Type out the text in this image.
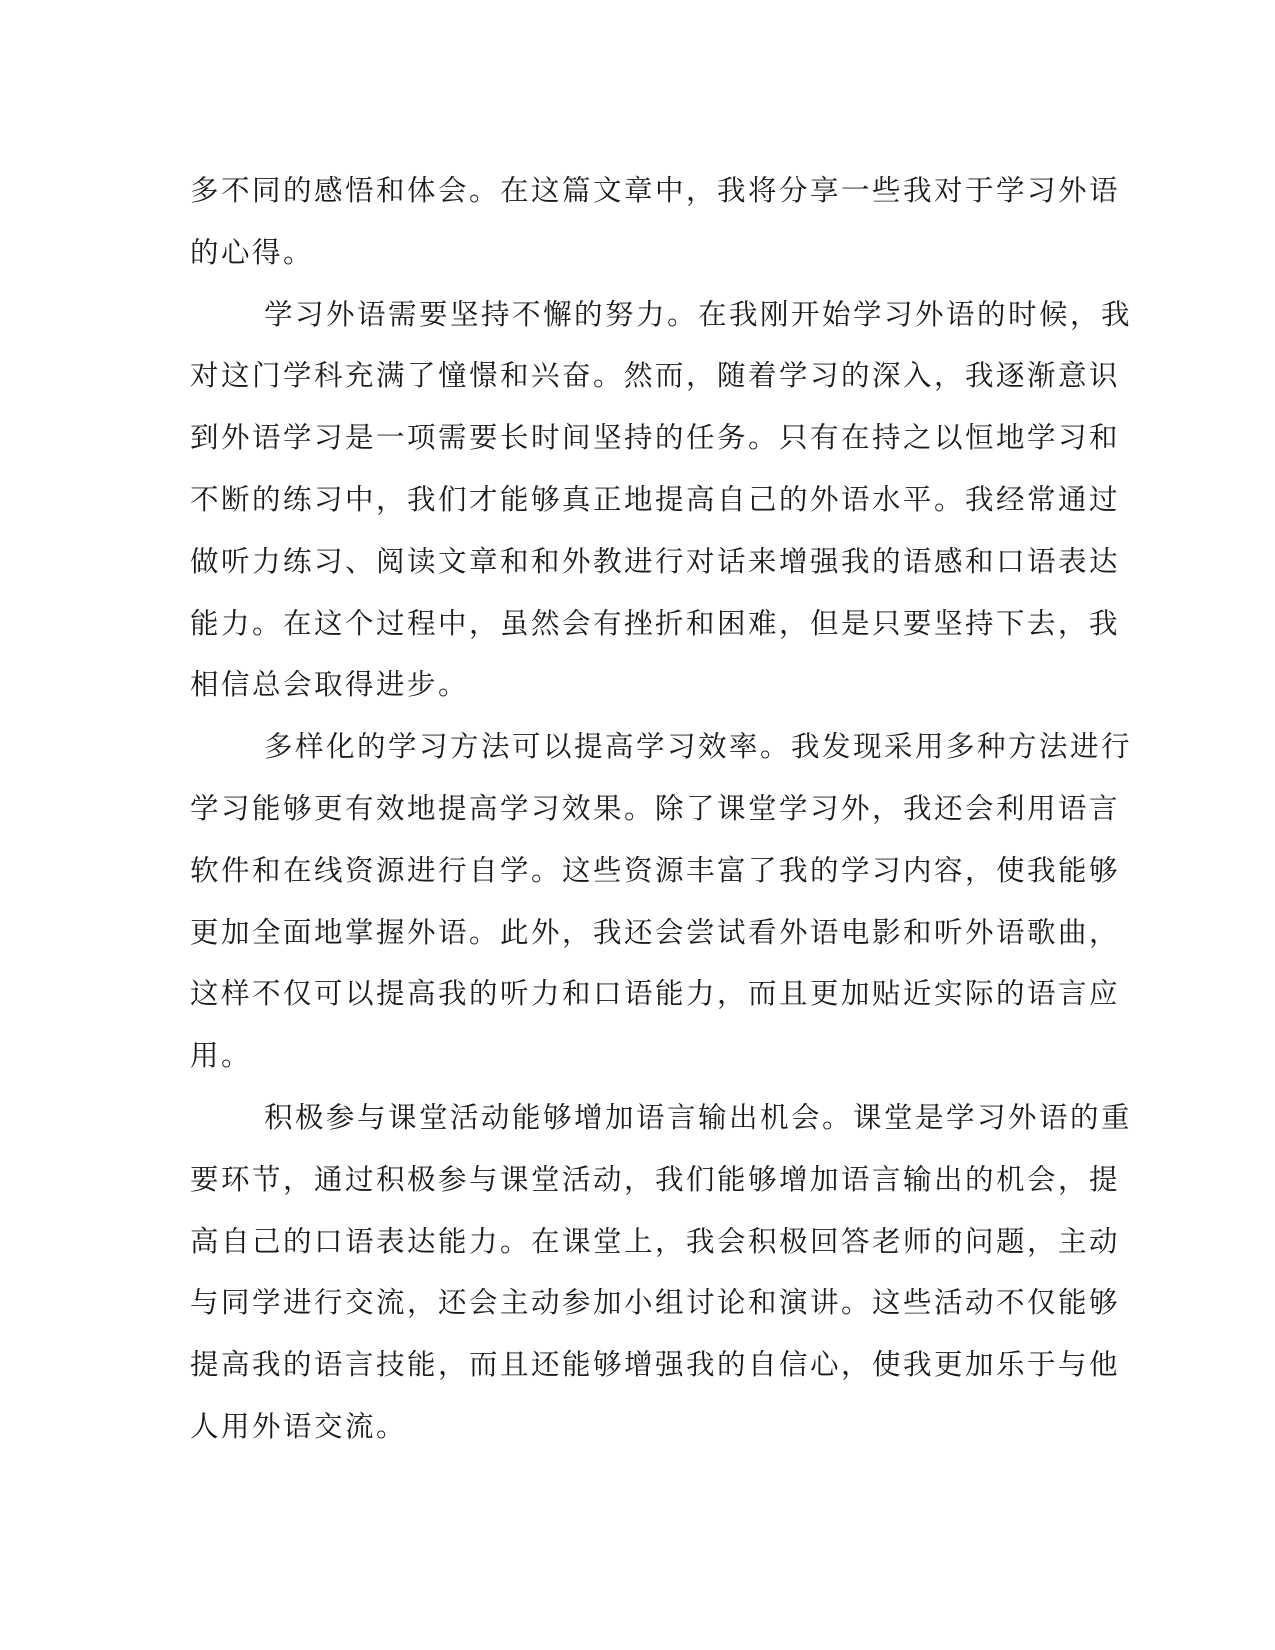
多不同的感悟和体会。在这篇文章中，我将分享一些我对于学习外语
的心得。

学习外语需要坚持不懈的努力。在我刚开始学习外语的时候，我
对这门学科充满了憧憬和兴奋。然而，随着学习的深入，我逐渐意识
到外语学习是一项需要长时间坚持的任务。只有在持之以恒地学习和
不断的练习中，我们才能够真正地提高自己的外语水平。我经常通过
做听力练习、阅读文章和和外教进行对话来增强我的语感和口语表达
能力。在这个过程中，虽然会有挫折和困难，但是只要坚持下去，我
相信总会取得进步。

多样化的学习方法可以提高学习效率。我发现采用多种方法进行
学习能够更有效地提高学习效果。除了课堂学习外，我还会利用语言
软件和在线资源进行自学。这些资源丰富了我的学习内容，使我能够
更加全面地掌握外语。此外，我还会尝试看外语电影和听外语歌曲，
这样不仅可以提高我的听力和口语能力，而且更加贴近实际的语言应
用。

积极参与课堂活动能够增加语言输出机会。课堂是学习外语的重
要环节，通过积极参与课堂活动，我们能够增加语言输出的机会，提
高自己的口语表达能力。在课堂上，我会积极回答老师的问题，主动
与同学进行交流，还会主动参加小组讨论和演讲。这些活动不仅能够
提高我的语言技能，而且还能够增强我的自信心，使我更加乐于与他
人用外语交流。
